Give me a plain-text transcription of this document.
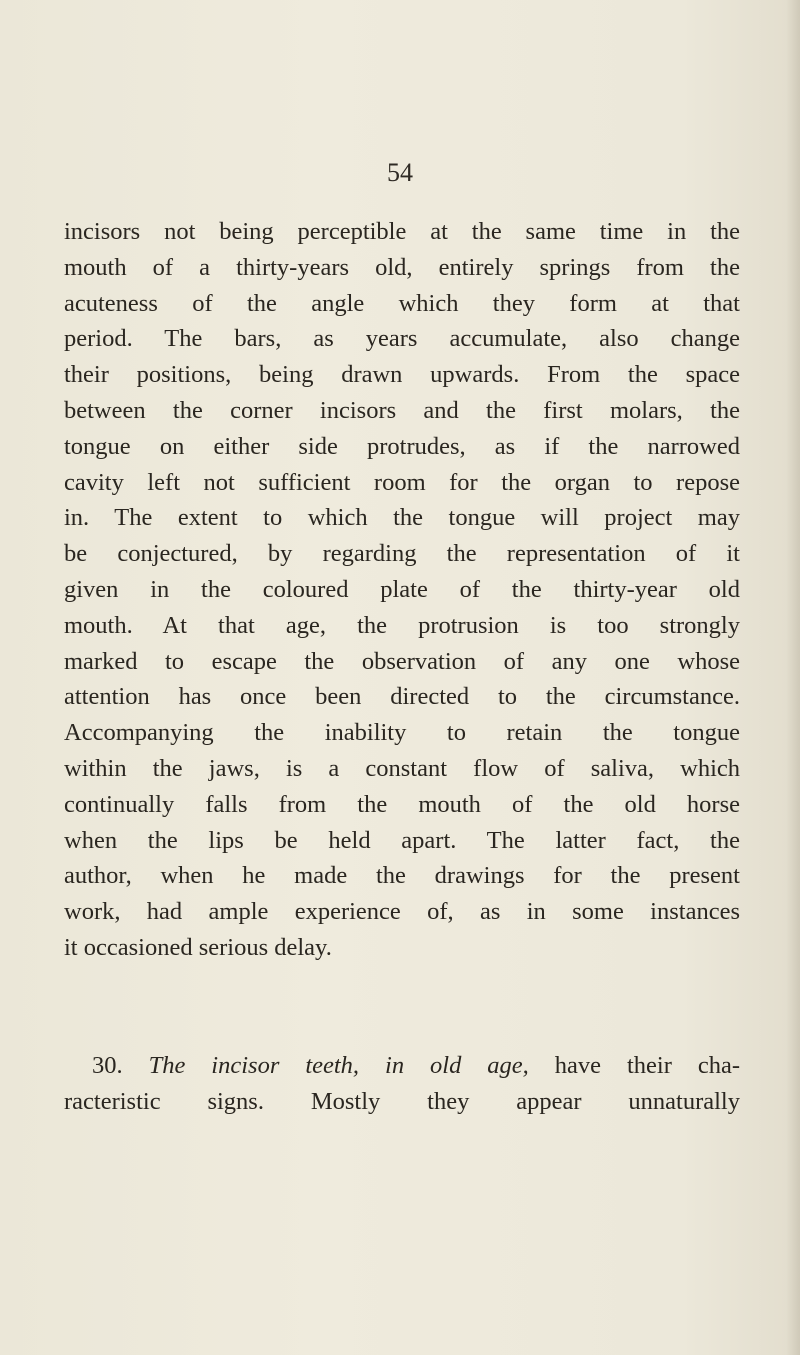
54

incisors not being perceptible at the same time in the
mouth of a thirty-years old, entirely springs from the
acuteness of the angle which they form at that
period. The bars, as years accumulate, also change
their positions, being drawn upwards. From the space
between the corner incisors and the first molars, the
tongue on either side protrudes, as if the narrowed
cavity left not sufficient room for the organ to repose
in. The extent to which the tongue will project may
be conjectured, by regarding the representation of it
given in the coloured plate of the thirty-year old
mouth. At that age, the protrusion is too strongly
marked to escape the observation of any one whose
attention has once been directed to the circumstance.
Accompanying the inability to retain the tongue
within the jaws, is a constant flow of saliva, which
continually falls from the mouth of the old horse
when the lips be held apart. The latter fact, the
author, when he made the drawings for the present
work, had ample experience of, as in some instances
it occasioned serious delay.
30. The incisor teeth, in old age, have their cha-
racteristic signs. Mostly they appear unnaturally
